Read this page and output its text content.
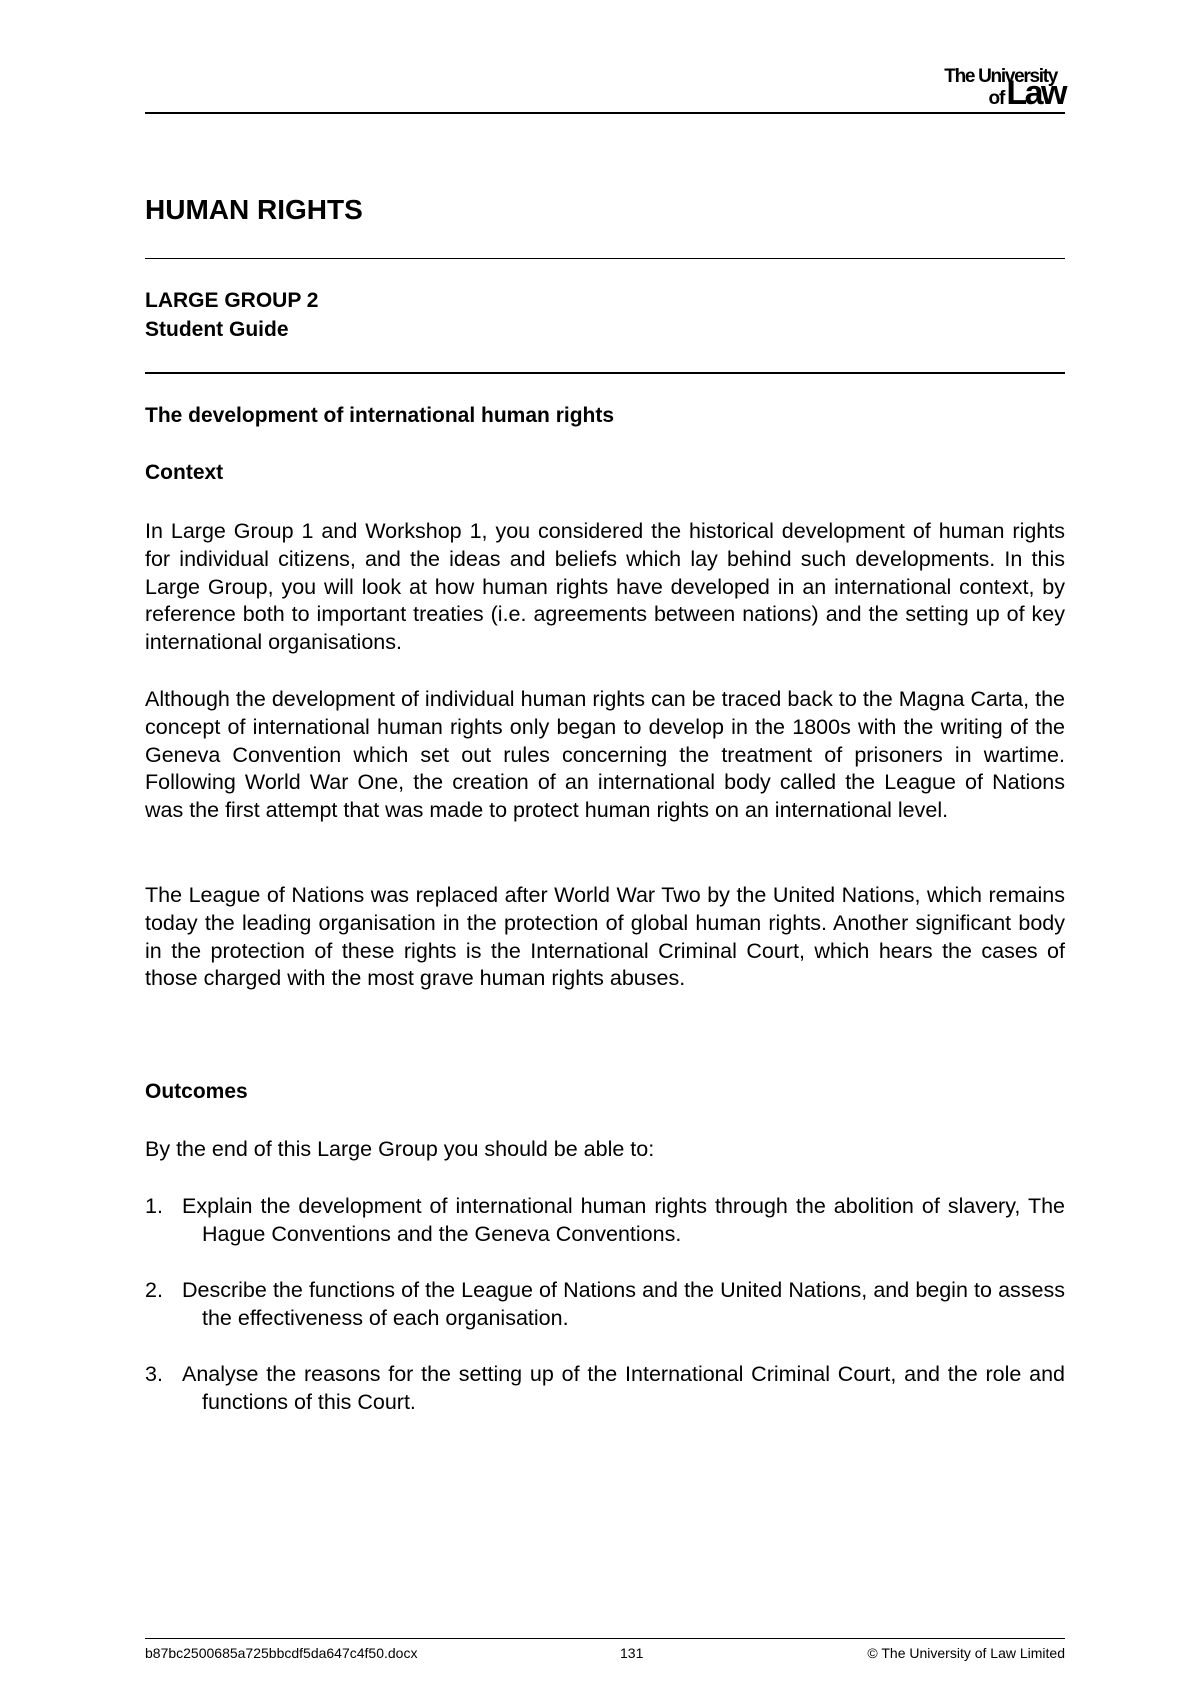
The University
ofLaw
HUMAN RIGHTS
LARGE GROUP 2
Student Guide
The development of international human rights
Context

In Large Group 1 and Workshop 1, you considered the historical development of human rights for individual citizens, and the ideas and beliefs which lay behind such developments. In this Large Group, you will look at how human rights have developed in an international context, by reference both to important treaties (i.e. agreements between nations) and the setting up of key international organisations.

Although the development of individual human rights can be traced back to the Magna Carta, the concept of international human rights only began to develop in the 1800s with the writing of the Geneva Convention which set out rules concerning the treatment of prisoners in wartime. Following World War One, the creation of an international body called the League of Nations was the first attempt that was made to protect human rights on an international level.

The League of Nations was replaced after World War Two by the United Nations, which remains today the leading organisation in the protection of global human rights. Another significant body in the protection of these rights is the International Criminal Court, which hears the cases of those charged with the most grave human rights abuses.

Outcomes

By the end of this Large Group you should be able to:

1. Explain the development of international human rights through the abolition of slavery, The Hague Conventions and the Geneva Conventions.
2. Describe the functions of the League of Nations and the United Nations, and begin to assess the effectiveness of each organisation.
3. Analyse the reasons for the setting up of the International Criminal Court, and the role and functions of this Court.
b87bc2500685a725bbcdf5da647c4f50.docx	131	© The University of Law Limited
